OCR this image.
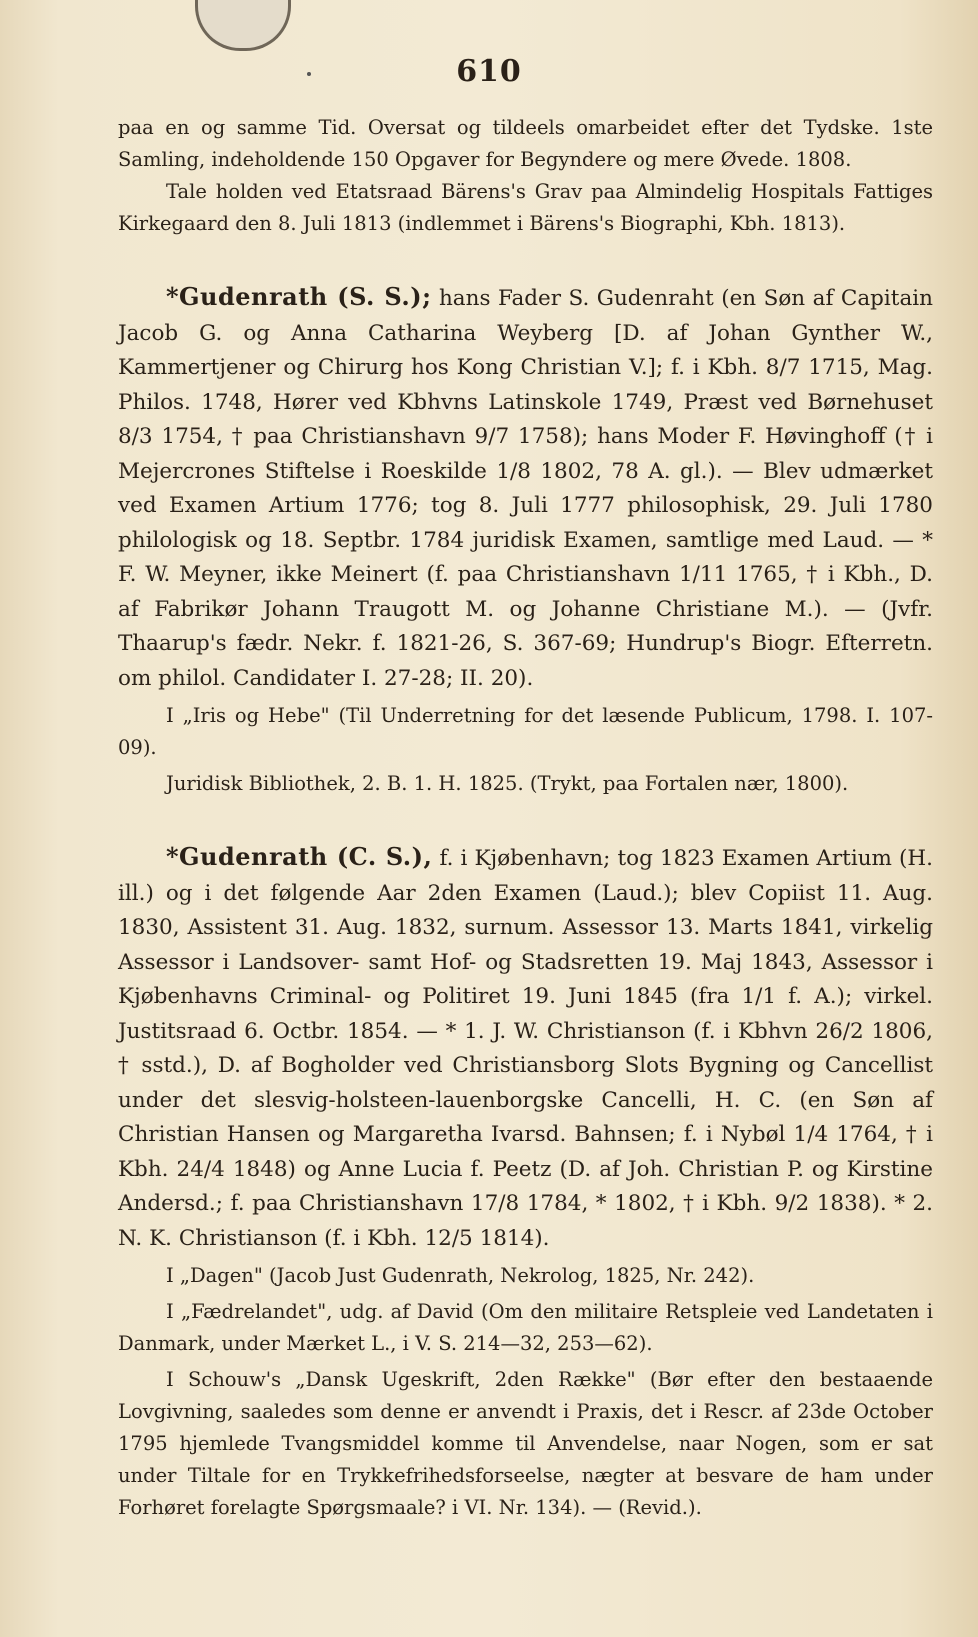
610

paa en og samme Tid. Oversat og tildeels omarbeidet efter det Tydske. 1ste Samling, indeholdende 150 Opgaver for Begyndere og mere Øvede. 1808.

Tale holden ved Etatsraad Bärens's Grav paa Almindelig Hospitals Fattiges Kirkegaard den 8. Juli 1813 (indlemmet i Bärens's Biographi, Kbh. 1813).

*Gudenrath (S. S.); hans Fader S. Gudenraht (en Søn af Capitain Jacob G. og Anna Catharina Weyberg [D. af Johan Gynther W., Kammertjener og Chirurg hos Kong Christian V.]; f. i Kbh. 8/7 1715, Mag. Philos. 1748, Hører ved Kbhvns Latinskole 1749, Præst ved Børnehuset 8/3 1754, † paa Christianshavn 9/7 1758); hans Moder F. Høvinghoff († i Mejercrones Stiftelse i Roeskilde 1/8 1802, 78 A. gl.). — Blev udmærket ved Examen Artium 1776; tog 8. Juli 1777 philosophisk, 29. Juli 1780 philologisk og 18. Septbr. 1784 juridisk Examen, samtlige med Laud. — * F. W. Meyner, ikke Meinert (f. paa Christianshavn 1/11 1765, † i Kbh., D. af Fabrikør Johann Traugott M. og Johanne Christiane M.). — (Jvfr. Thaarup's fædr. Nekr. f. 1821-26, S. 367-69; Hundrup's Biogr. Efterretn. om philol. Candidater I. 27-28; II. 20).

I „Iris og Hebe" (Til Underretning for det læsende Publicum, 1798. I. 107-09).

Juridisk Bibliothek, 2. B. 1. H. 1825. (Trykt, paa Fortalen nær, 1800).

*Gudenrath (C. S.), f. i Kjøbenhavn; tog 1823 Examen Artium (H. ill.) og i det følgende Aar 2den Examen (Laud.); blev Copiist 11. Aug. 1830, Assistent 31. Aug. 1832, surnum. Assessor 13. Marts 1841, virkelig Assessor i Landsover- samt Hof- og Stadsretten 19. Maj 1843, Assessor i Kjøbenhavns Criminal- og Politiret 19. Juni 1845 (fra 1/1 f. A.); virkel. Justitsraad 6. Octbr. 1854. — * 1. J. W. Christianson (f. i Kbhvn 26/2 1806, † sstd.), D. af Bogholder ved Christiansborg Slots Bygning og Cancellist under det slesvig-holsteen-lauenborgske Cancelli, H. C. (en Søn af Christian Hansen og Margaretha Ivarsd. Bahnsen; f. i Nybøl 1/4 1764, † i Kbh. 24/4 1848) og Anne Lucia f. Peetz (D. af Joh. Christian P. og Kirstine Andersd.; f. paa Christianshavn 17/8 1784, * 1802, † i Kbh. 9/2 1838). * 2. N. K. Christianson (f. i Kbh. 12/5 1814).

I „Dagen" (Jacob Just Gudenrath, Nekrolog, 1825, Nr. 242).

I „Fædrelandet", udg. af David (Om den militaire Retspleie ved Landetaten i Danmark, under Mærket L., i V. S. 214—32, 253—62).

I Schouw's „Dansk Ugeskrift, 2den Række" (Bør efter den bestaaende Lovgivning, saaledes som denne er anvendt i Praxis, det i Rescr. af 23de October 1795 hjemlede Tvangsmiddel komme til Anvendelse, naar Nogen, som er sat under Tiltale for en Trykkefrihedsforseelse, nægter at besvare de ham under Forhøret forelagte Spørgsmaale? i VI. Nr. 134). — (Revid.).
